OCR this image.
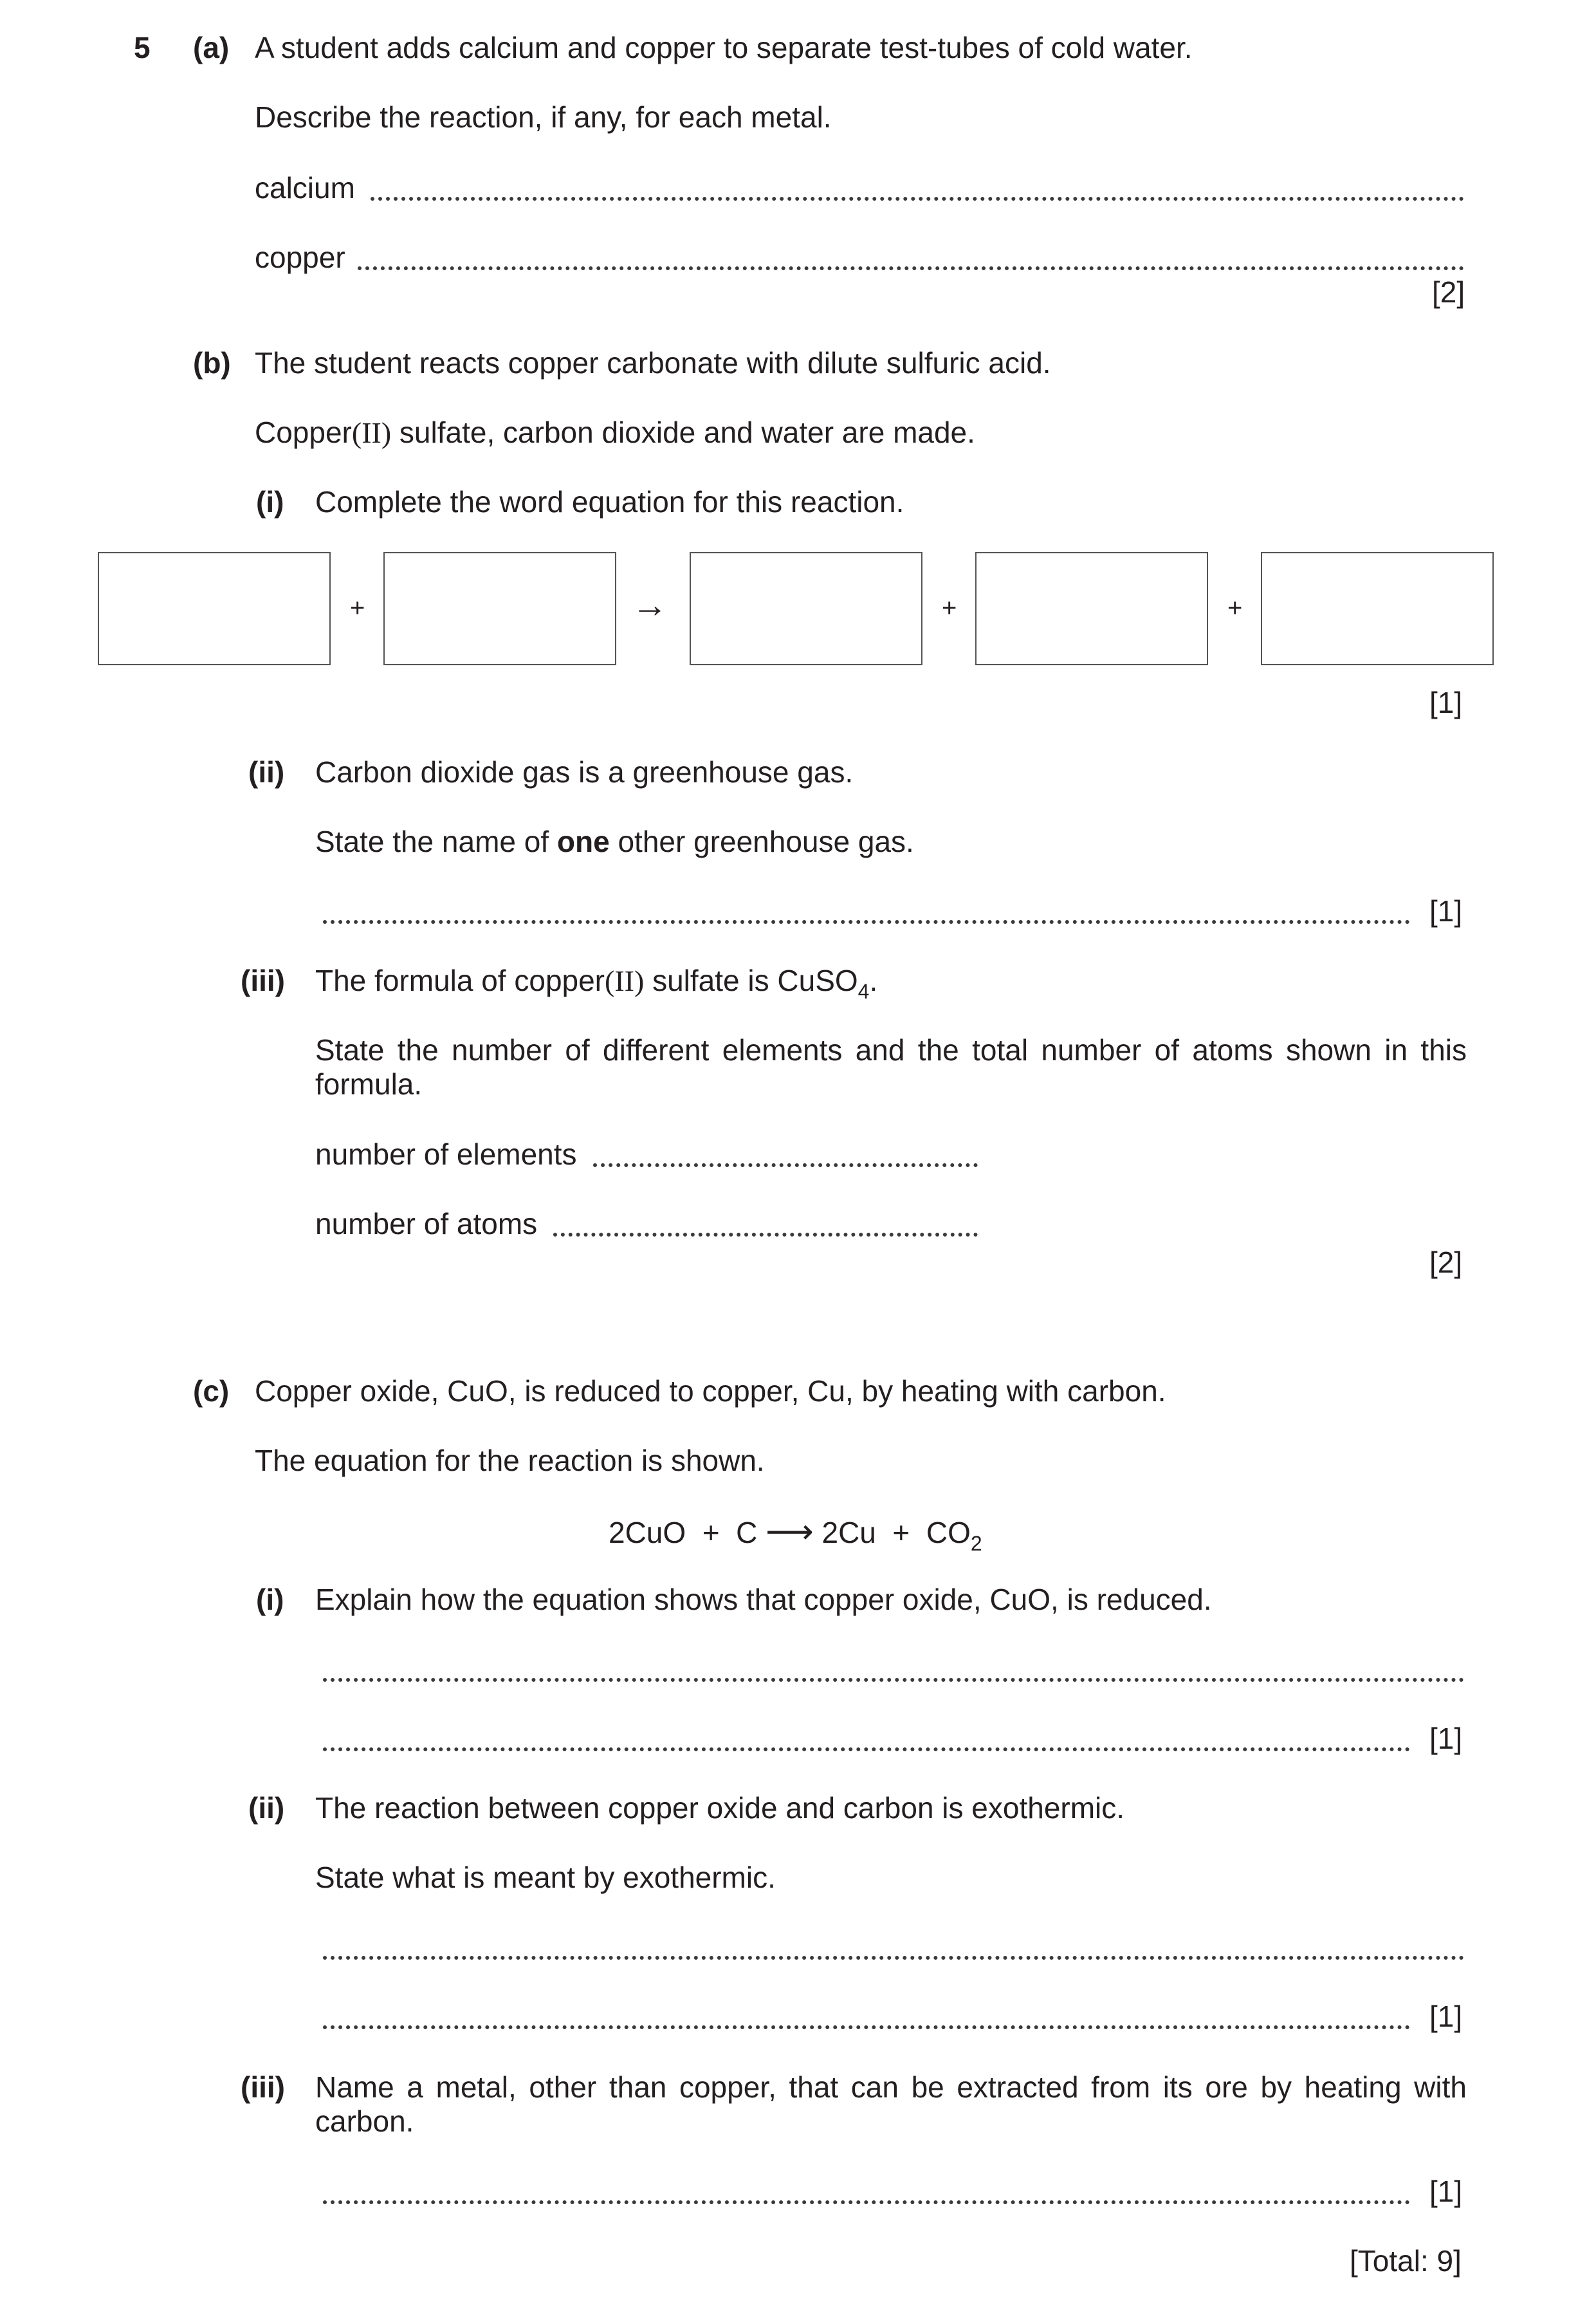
5 (a) A student adds calcium and copper to separate test-tubes of cold water.
Describe the reaction, if any, for each metal.
calcium
copper
[2]
(b) The student reacts copper carbonate with dilute sulfuric acid.
Copper(II) sulfate, carbon dioxide and water are made.
(i) Complete the word equation for this reaction.
+	→	+	+
[1]
(ii) Carbon dioxide gas is a greenhouse gas.
State the name of one other greenhouse gas.
[1]
(iii) The formula of copper(II) sulfate is CuSO$_4$.
State the number of different elements and the total number of atoms shown in this formula.
number of elements
number of atoms
[2]
(c) Copper oxide, CuO, is reduced to copper, Cu, by heating with carbon.
The equation for the reaction is shown.
2CuO  +  C ⟶ $2Cu + CO_2$
(i) Explain how the equation shows that copper oxide, CuO, is reduced.
[1]
(ii) The reaction between copper oxide and carbon is exothermic.
State what is meant by exothermic.
[1]
(iii) Name a metal, other than copper, that can be extracted from its ore by heating with carbon.
[1]
[Total: 9]
